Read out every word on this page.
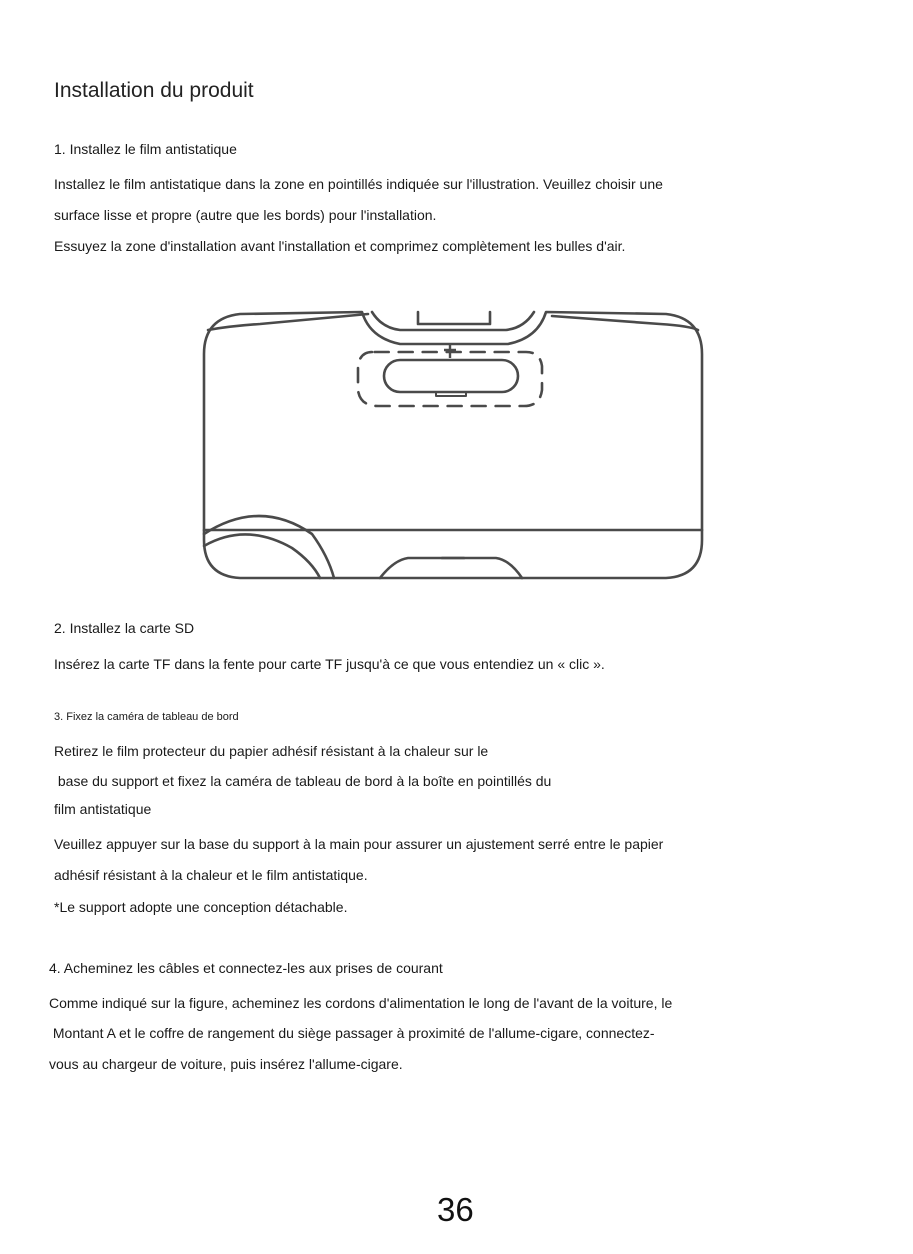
Installation du produit
1. Installez le film antistatique
Installez le film antistatique dans la zone en pointillés indiquée sur l'illustration. Veuillez choisir une
surface lisse et propre (autre que les bords) pour l'installation.
Essuyez la zone d'installation avant l'installation et comprimez complètement les bulles d'air.
2. Installez la carte SD
Insérez la carte TF dans la fente pour carte TF jusqu'à ce que vous entendiez un « clic ».
3. Fixez la caméra de tableau de bord
Retirez le film protecteur du papier adhésif résistant à la chaleur sur le
base du support et fixez la caméra de tableau de bord à la boîte en pointillés du
film antistatique
Veuillez appuyer sur la base du support à la main pour assurer un ajustement serré entre le papier
adhésif résistant à la chaleur et le film antistatique.
*Le support adopte une conception détachable.
4. Acheminez les câbles et connectez-les aux prises de courant
Comme indiqué sur la figure, acheminez les cordons d'alimentation le long de l'avant de la voiture, le
Montant A et le coffre de rangement du siège passager à proximité de l'allume-cigare, connectez-
vous au chargeur de voiture, puis insérez l'allume-cigare.
36
